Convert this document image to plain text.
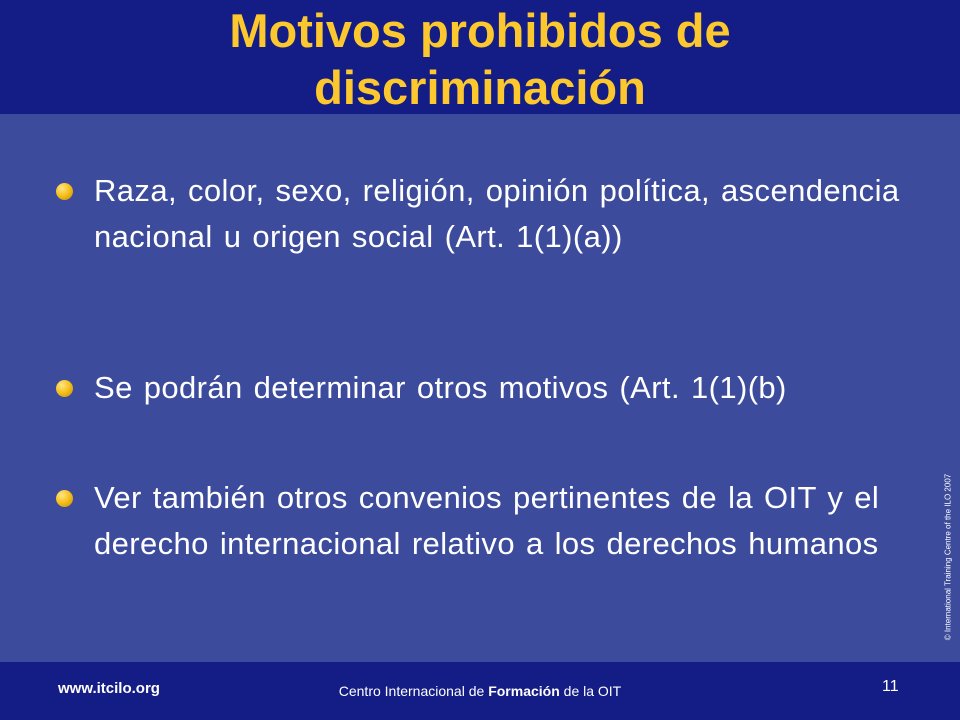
Motivos prohibidos de
discriminación
Raza, color, sexo, religión, opinión política, ascendencia nacional u origen social (Art. 1(1)(a))
Se podrán determinar otros motivos (Art. 1(1)(b)
Ver también otros convenios pertinentes de la OIT y el derecho internacional relativo a los derechos humanos	© International Training Centre of the ILO 2007
www.itcilo.org	Centro Internacional de Formación de la OIT	11
